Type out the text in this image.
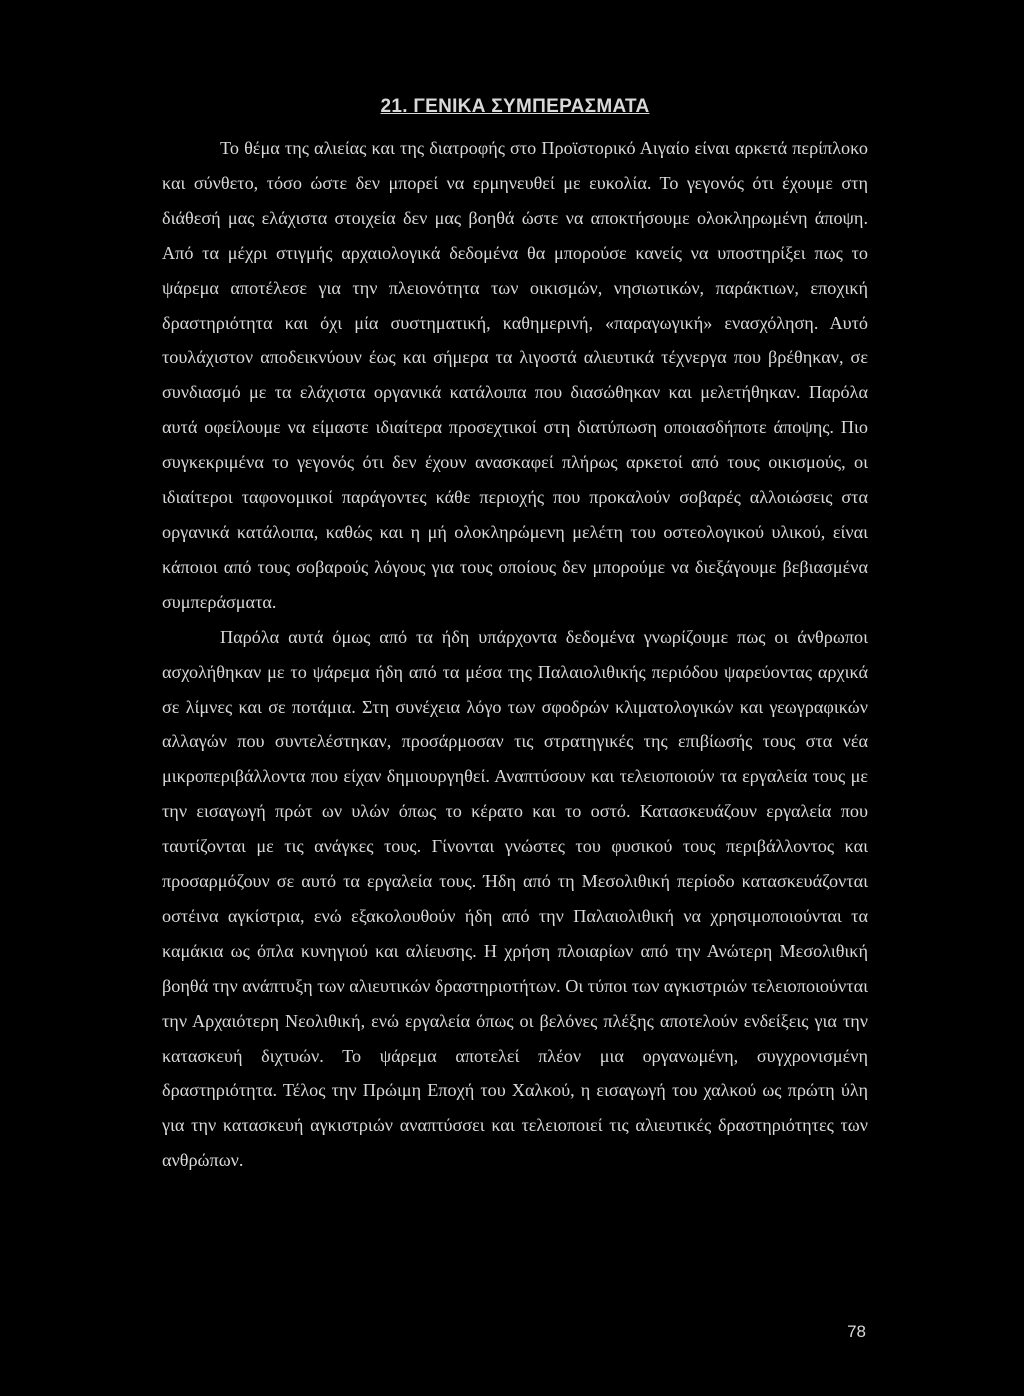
21. ΓΕΝΙΚΑ ΣΥΜΠΕΡΑΣΜΑΤΑ

Το θέμα της αλιείας και της διατροφής στο Προϊστορικό Αιγαίο είναι αρκετά περίπλοκο και σύνθετο, τόσο ώστε δεν μπορεί να ερμηνευθεί με ευκολία. Το γεγονός ότι έχουμε στη διάθεσή μας ελάχιστα στοιχεία δεν μας βοηθά ώστε να αποκτήσουμε ολοκληρωμένη άποψη. Από τα μέχρι στιγμής αρχαιολογικά δεδομένα θα μπορούσε κανείς να υποστηρίξει πως το ψάρεμα αποτέλεσε για την πλειονότητα των οικισμών, νησιωτικών, παράκτιων, εποχική δραστηριότητα και όχι μία συστηματική, καθημερινή, «παραγωγική» ενασχόληση. Αυτό τουλάχιστον αποδεικνύουν έως και σήμερα τα λιγοστά αλιευτικά τέχνεργα που βρέθηκαν, σε συνδιασμό με τα ελάχιστα οργανικά κατάλοιπα που διασώθηκαν και μελετήθηκαν. Παρόλα αυτά οφείλουμε να είμαστε ιδιαίτερα προσεχτικοί στη διατύπωση οποιασδήποτε άποψης. Πιο συγκεκριμένα το γεγονός ότι δεν έχουν ανασκαφεί πλήρως αρκετοί από τους οικισμούς, οι ιδιαίτεροι ταφονομικοί παράγοντες κάθε περιοχής που προκαλούν σοβαρές αλλοιώσεις στα οργανικά κατάλοιπα, καθώς και η μή ολοκληρώμενη μελέτη του οστεολογικού υλικού, είναι κάποιοι από τους σοβαρούς λόγους για τους οποίους δεν μπορούμε να διεξάγουμε βεβιασμένα συμπεράσματα.

Παρόλα αυτά όμως από τα ήδη υπάρχοντα δεδομένα γνωρίζουμε πως οι άνθρωποι ασχολήθηκαν με το ψάρεμα ήδη από τα μέσα της Παλαιολιθικής περιόδου ψαρεύοντας αρχικά σε λίμνες και σε ποτάμια. Στη συνέχεια λόγο των σφοδρών κλιματολογικών και γεωγραφικών αλλαγών που συντελέστηκαν, προσάρμοσαν τις στρατηγικές της επιβίωσής τους στα νέα μικροπεριβάλλοντα που είχαν δημιουργηθεί. Αναπτύσουν και τελειοποιούν τα εργαλεία τους με την εισαγωγή πρώτ ων υλών όπως το κέρατο και το οστό. Κατασκευάζουν εργαλεία που ταυτίζονται με τις ανάγκες τους. Γίνονται γνώστες του φυσικού τους περιβάλλοντος και προσαρμόζουν σε αυτό τα εργαλεία τους. Ήδη από τη Μεσολιθική περίοδο κατασκευάζονται οστέινα αγκίστρια, ενώ εξακολουθούν ήδη από την Παλαιολιθική να χρησιμοποιούνται τα καμάκια ως όπλα κυνηγιού και αλίευσης. Η χρήση πλοιαρίων από την Ανώτερη Μεσολιθική βοηθά την ανάπτυξη των αλιευτικών δραστηριοτήτων. Οι τύποι των αγκιστριών τελειοποιούνται την Αρχαιότερη Νεολιθική, ενώ εργαλεία όπως οι βελόνες πλέξης αποτελούν ενδείξεις για την κατασκευή διχτυών. Το ψάρεμα αποτελεί πλέον μια οργανωμένη, συγχρονισμένη δραστηριότητα. Τέλος την Πρώιμη Εποχή του Χαλκού, η εισαγωγή του χαλκού ως πρώτη ύλη για την κατασκευή αγκιστριών αναπτύσσει και τελειοποιεί τις αλιευτικές δραστηριότητες των ανθρώπων.

78
